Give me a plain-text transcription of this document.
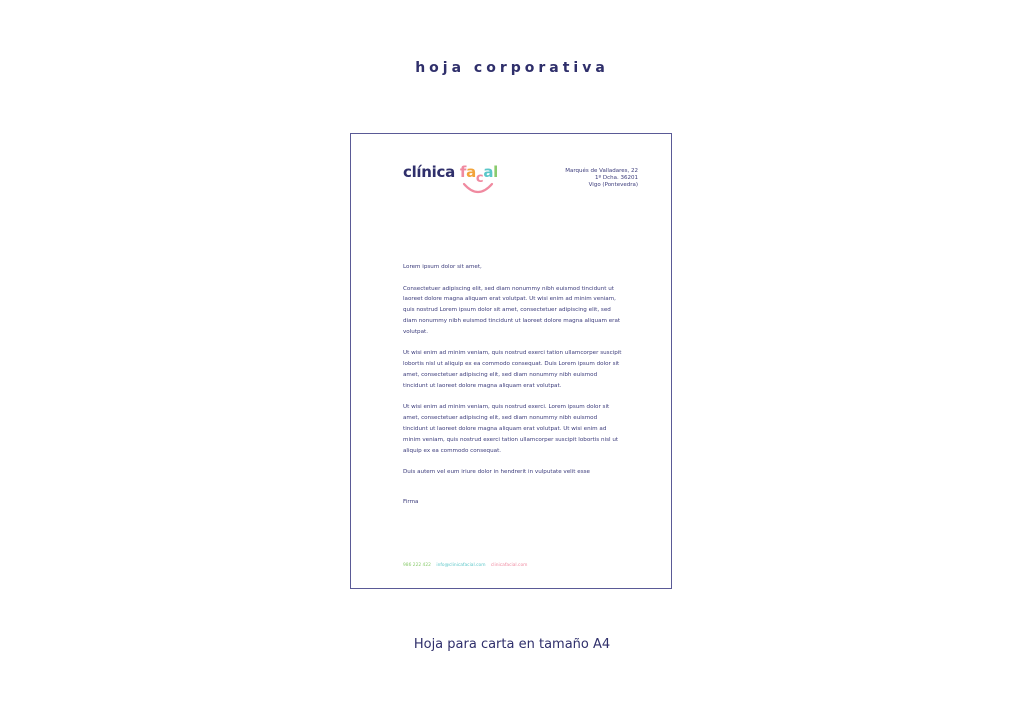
hoja corporativa
clínica facal	Marqués de Valladares, 22
1º Dcha. 36201
Vigo (Pontevedra)

Lorem ipsum dolor sit amet,

Consectetuer adipiscing elit, sed diam nonummy nibh euismod tincidunt ut laoreet dolore magna aliquam erat volutpat. Ut wisi enim ad minim veniam, quis nostrud Lorem ipsum dolor sit amet, consectetuer adipiscing elit, sed diam nonummy nibh euismod tincidunt ut laoreet dolore magna aliquam erat volutpat.

Ut wisi enim ad minim veniam, quis nostrud exerci tation ullamcorper suscipit lobortis nisl ut aliquip ex ea commodo consequat. Duis Lorem ipsum dolor sit amet, consectetuer adipiscing elit, sed diam nonummy nibh euismod tincidunt ut laoreet dolore magna aliquam erat volutpat.

Ut wisi enim ad minim veniam, quis nostrud exerci. Lorem ipsum dolor sit amet, consectetuer adipiscing elit, sed diam nonummy nibh euismod tincidunt ut laoreet dolore magna aliquam erat volutpat. Ut wisi enim ad minim veniam, quis nostrud exerci tation ullamcorper suscipit lobortis nisl ut aliquip ex ea commodo consequat.

Duis autem vel eum iriure dolor in hendrerit in vulputate velit esse

Firma
986 222 422 info@clinicafacial.com clinicafacial.com
Hoja para carta en tamaño A4
